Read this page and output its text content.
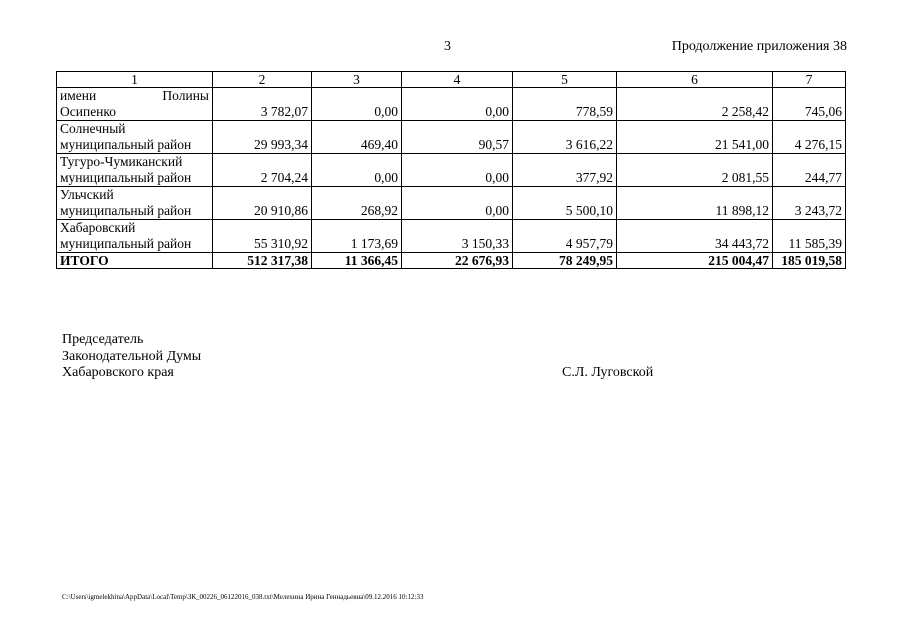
3	Продолжение приложения 38
1	2	3	4	5	6	7

имени Полины
Осипенко	3 782,07	0,00	0,00	778,59	2 258,42	745,06

Солнечный
муниципальный район	29 993,34	469,40	90,57	3 616,22	21 541,00	4 276,15

Тугуро-Чумиканский
муниципальный район	2 704,24	0,00	0,00	377,92	2 081,55	244,77

Ульчский
муниципальный район	20 910,86	268,92	0,00	5 500,10	11 898,12	3 243,72

Хабаровский
муниципальный район	55 310,92	1 173,69	3 150,33	4 957,79	34 443,72	11 585,39
ИТОГО	512 317,38	11 366,45	22 676,93	78 249,95	215 004,47	185 019,58
Председатель
Законодательной Думы
Хабаровского края	С.Л. Луговской
C:\Users\igmelekhina\AppData\Local\Temp\ЗК_00226_06122016_038.txt\Мелехина Ирина Геннадьевна\09.12.2016 10:12:33
